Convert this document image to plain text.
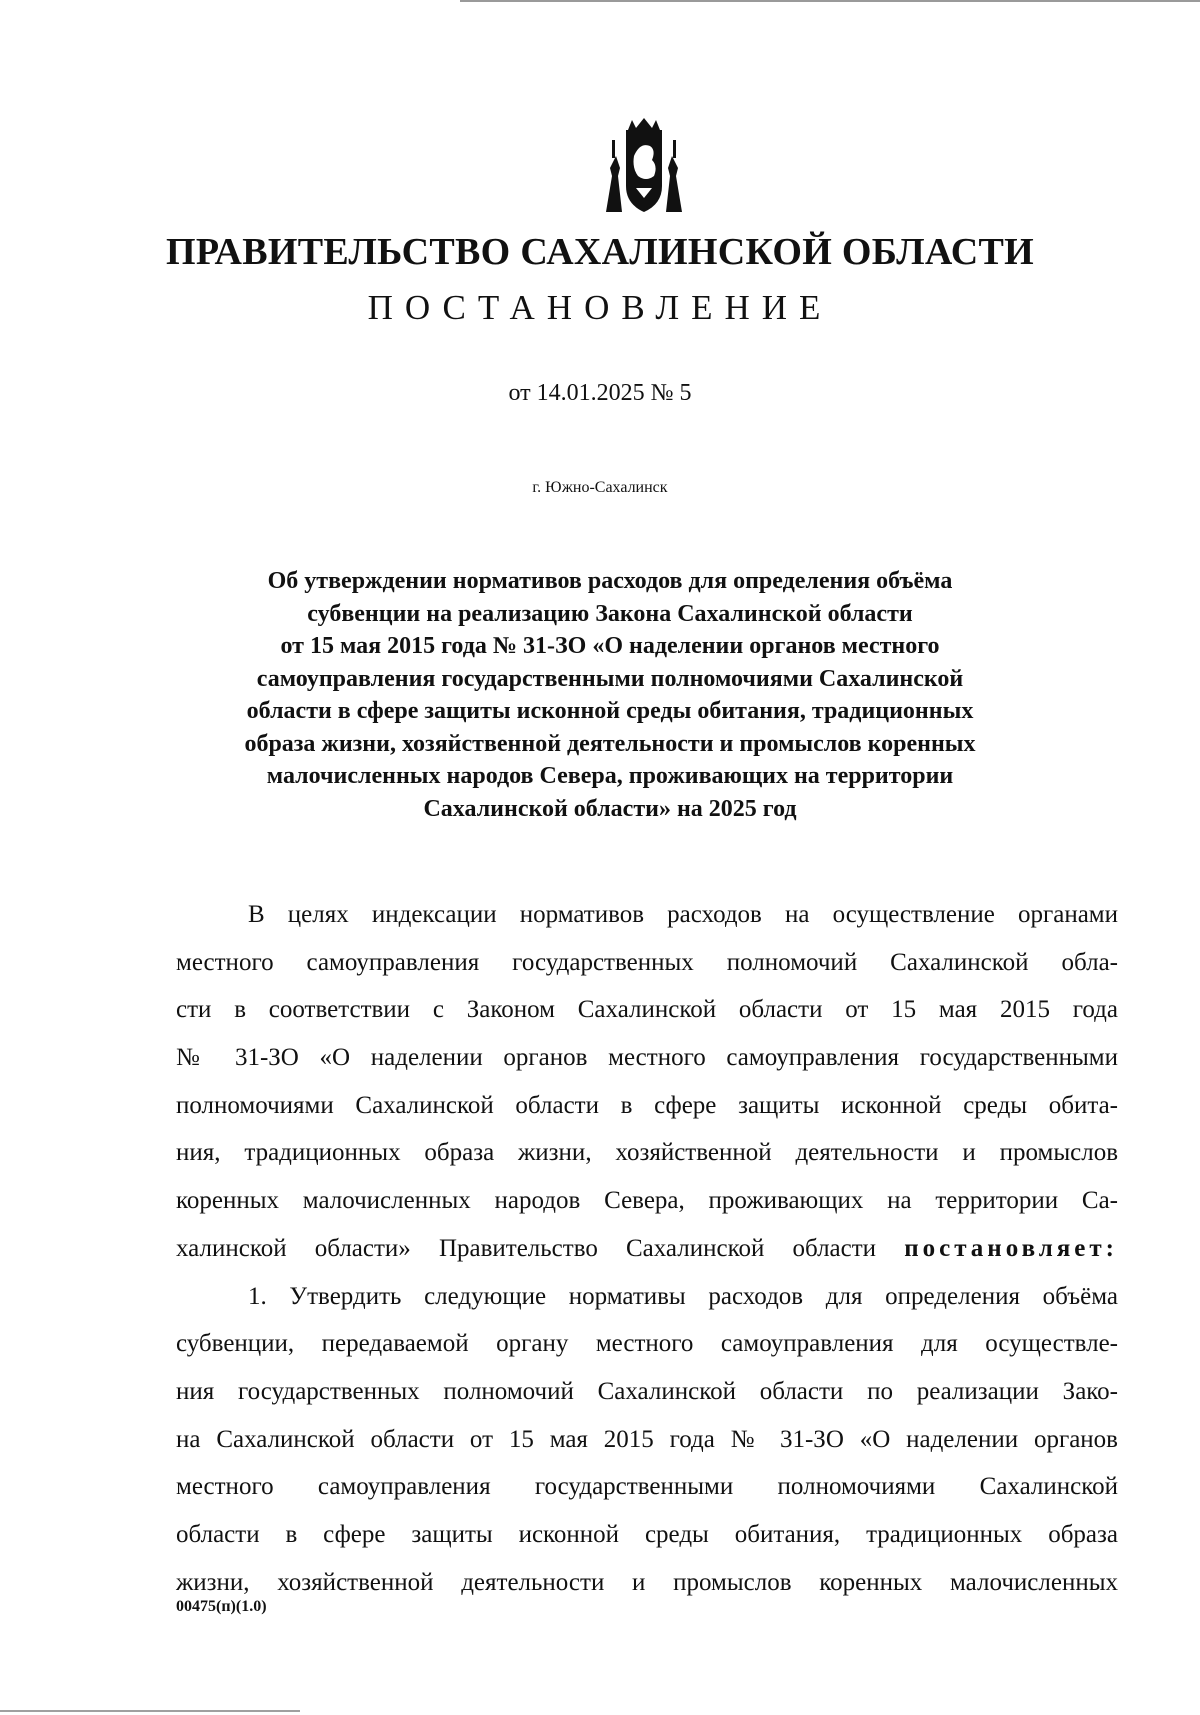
ПРАВИТЕЛЬСТВО САХАЛИНСКОЙ ОБЛАСТИ
ПОСТАНОВЛЕНИЕ
от 14.01.2025 № 5
г. Южно-Сахалинск
Об утверждении нормативов расходов для определения объёма
субвенции на реализацию Закона Сахалинской области
от 15 мая 2015 года № 31-ЗО «О наделении органов местного
самоуправления государственными полномочиями Сахалинской
области в сфере защиты исконной среды обитания, традиционных
образа жизни, хозяйственной деятельности и промыслов коренных
малочисленных народов Севера, проживающих на территории
Сахалинской области» на 2025 год
В целях индексации нормативов расходов на осуществление органами
местного самоуправления государственных полномочий Сахалинской обла-
сти в соответствии с Законом Сахалинской области от 15 мая 2015 года
№ 31-ЗО «О наделении органов местного самоуправления государственными
полномочиями Сахалинской области в сфере защиты исконной среды обита-
ния, традиционных образа жизни, хозяйственной деятельности и промыслов
коренных малочисленных народов Севера, проживающих на территории Са-
халинской области» Правительство Сахалинской области постановляет:
1. Утвердить следующие нормативы расходов для определения объёма
субвенции, передаваемой органу местного самоуправления для осуществле-
ния государственных полномочий Сахалинской области по реализации Зако-
на Сахалинской области от 15 мая 2015 года № 31-ЗО «О наделении органов
местного самоуправления государственными полномочиями Сахалинской
области в сфере защиты исконной среды обитания, традиционных образа
жизни, хозяйственной деятельности и промыслов коренных малочисленных
00475(п)(1.0)
